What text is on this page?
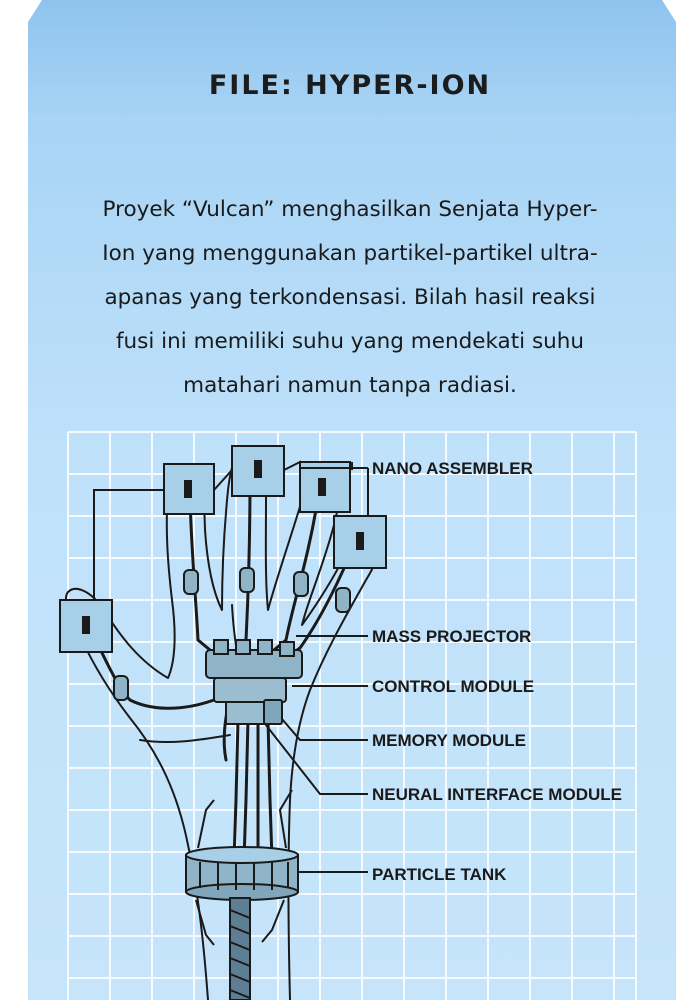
FILE: HYPER-ION
Proyek “Vulcan” menghasilkan Senjata Hyper-
Ion yang menggunakan partikel-partikel ultra-
apanas yang terkondensasi. Bilah hasil reaksi
fusi ini memiliki suhu yang mendekati suhu
matahari namun tanpa radiasi.
NANO ASSEMBLER
MASS PROJECTOR
CONTROL MODULE
MEMORY MODULE
NEURAL INTERFACE MODULE
PARTICLE TANK
